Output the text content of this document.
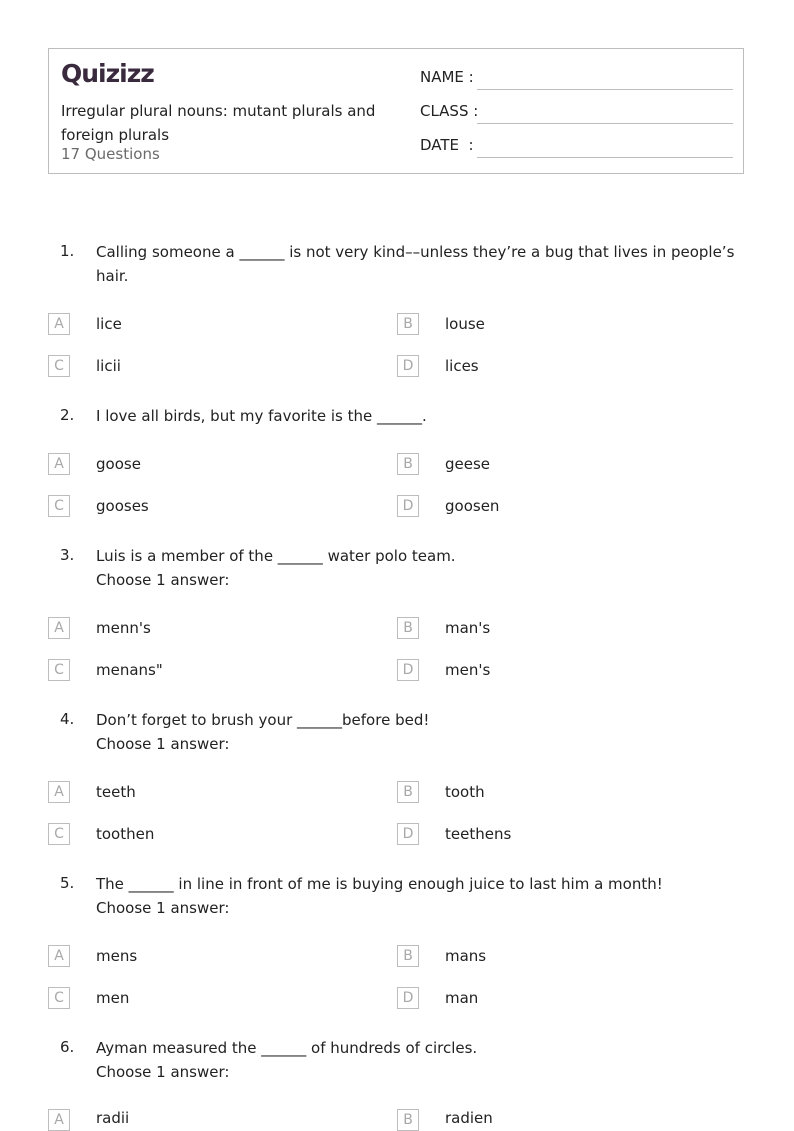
Quizizz
Irregular plural nouns: mutant plurals and foreign plurals
17 Questions
NAME :
CLASS :
DATE  :
1. Calling someone a ______ is not very kind––unless they’re a bug that lives in people’s hair.
A	lice	B	louse
C	licii	D	lices
2. I love all birds, but my favorite is the ______.
A	goose	B	geese
C	gooses	D	goosen
3. Luis is a member of the ______ water polo team.
Choose 1 answer:
A	menn's	B	man's
C	menans"	D	men's
4. Don’t forget to brush your ______before bed!
Choose 1 answer:
A	teeth	B	tooth
C	toothen	D	teethens
5. The ______ in line in front of me is buying enough juice to last him a month!
Choose 1 answer:
A	mens	B	mans
C	men	D	man
6. Ayman measured the ______ of hundreds of circles.
Choose 1 answer:
A	radii	B	radien
